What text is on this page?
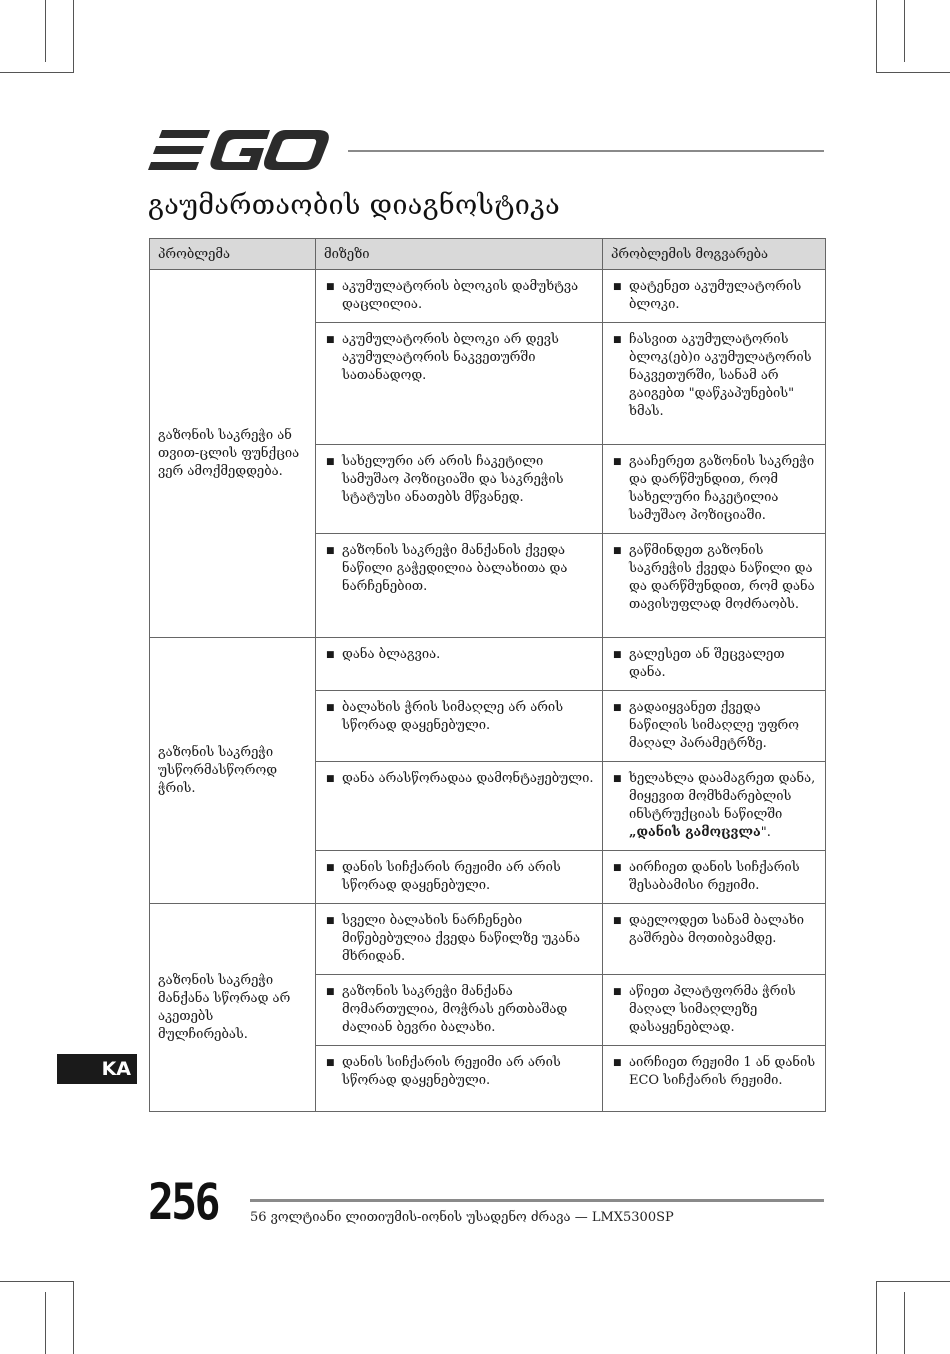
გაუმართაობის დიაგნოსტიკა
პრობლემა	მიზეზი	პრობლემის მოგვარება
გაზონის საკრეჭი ან თვით-ცლის ფუნქცია ვერ ამოქმედდება.	■ აკუმულატორის ბლოკის დამუხტვა დაცლილია.	■ დატენეთ აკუმულატორის ბლოკი.

	■ აკუმულატორის ბლოკი არ დევს აკუმულატორის ნაკვეთურში სათანადოდ.	■ ჩასვით აკუმულატორის ბლოკ(ებ)ი აკუმულატორის ნაკვეთურში, სანამ არ გაიგებთ "დაწკაპუნების" ხმას.

	■ სახელური არ არის ჩაკეტილი სამუშაო პოზიციაში და საკრეჭის სტატუსი ანათებს მწვანედ.	■ გააჩერეთ გაზონის საკრეჭი და დარწმუნდით, რომ სახელური ჩაკეტილია სამუშაო პოზიციაში.

	■ გაზონის საკრეჭი მანქანის ქვედა ნაწილი გაჭედილია ბალახითა და ნარჩენებით.	■ გაწმინდეთ გაზონის საკრეჭის ქვედა ნაწილი და და დარწმუნდით, რომ დანა თავისუფლად მოძრაობს.

გაზონის საკრეჭი უსწორმასწოროდ ჭრის.	■ დანა ბლაგვია.	■ გალესეთ ან შეცვალეთ დანა.

	■ ბალახის ჭრის სიმაღლე არ არის სწორად დაყენებული.	■ გადაიყვანეთ ქვედა ნაწილის სიმაღლე უფრო მაღალ პარამეტრზე.

	■ დანა არასწორადაა დამონტაჟებული.	■ ხელახლა დაამაგრეთ დანა, მიყევით მომხმარებლის ინსტრუქციას ნაწილში „დანის გამოცვლა".

	■ დანის სიჩქარის რეჟიმი არ არის სწორად დაყენებული.	■ აირჩიეთ დანის სიჩქარის შესაბამისი რეჟიმი.

გაზონის საკრეჭი მანქანა სწორად არ აკეთებს მულჩირებას.	■ სველი ბალახის ნარჩენები მიწებებულია ქვედა ნაწილზე უკანა მხრიდან.	■ დაელოდეთ სანამ ბალახი გაშრება მოთიბვამდე.

	■ გაზონის საკრეჭი მანქანა მომართულია, მოჭრას ერთბაშად ძალიან ბევრი ბალახი.	■ აწიეთ პლატფორმა ჭრის მაღალ სიმაღლეზე დასაყენებლად.

	■ დანის სიჩქარის რეჟიმი არ არის სწორად დაყენებული.	■ აირჩიეთ რეჟიმი 1 ან დანის ECO სიჩქარის რეჟიმი.
KA
256 56 ვოლტიანი ლითიუმის-იონის უსადენო ძრავა — LMX5300SP
